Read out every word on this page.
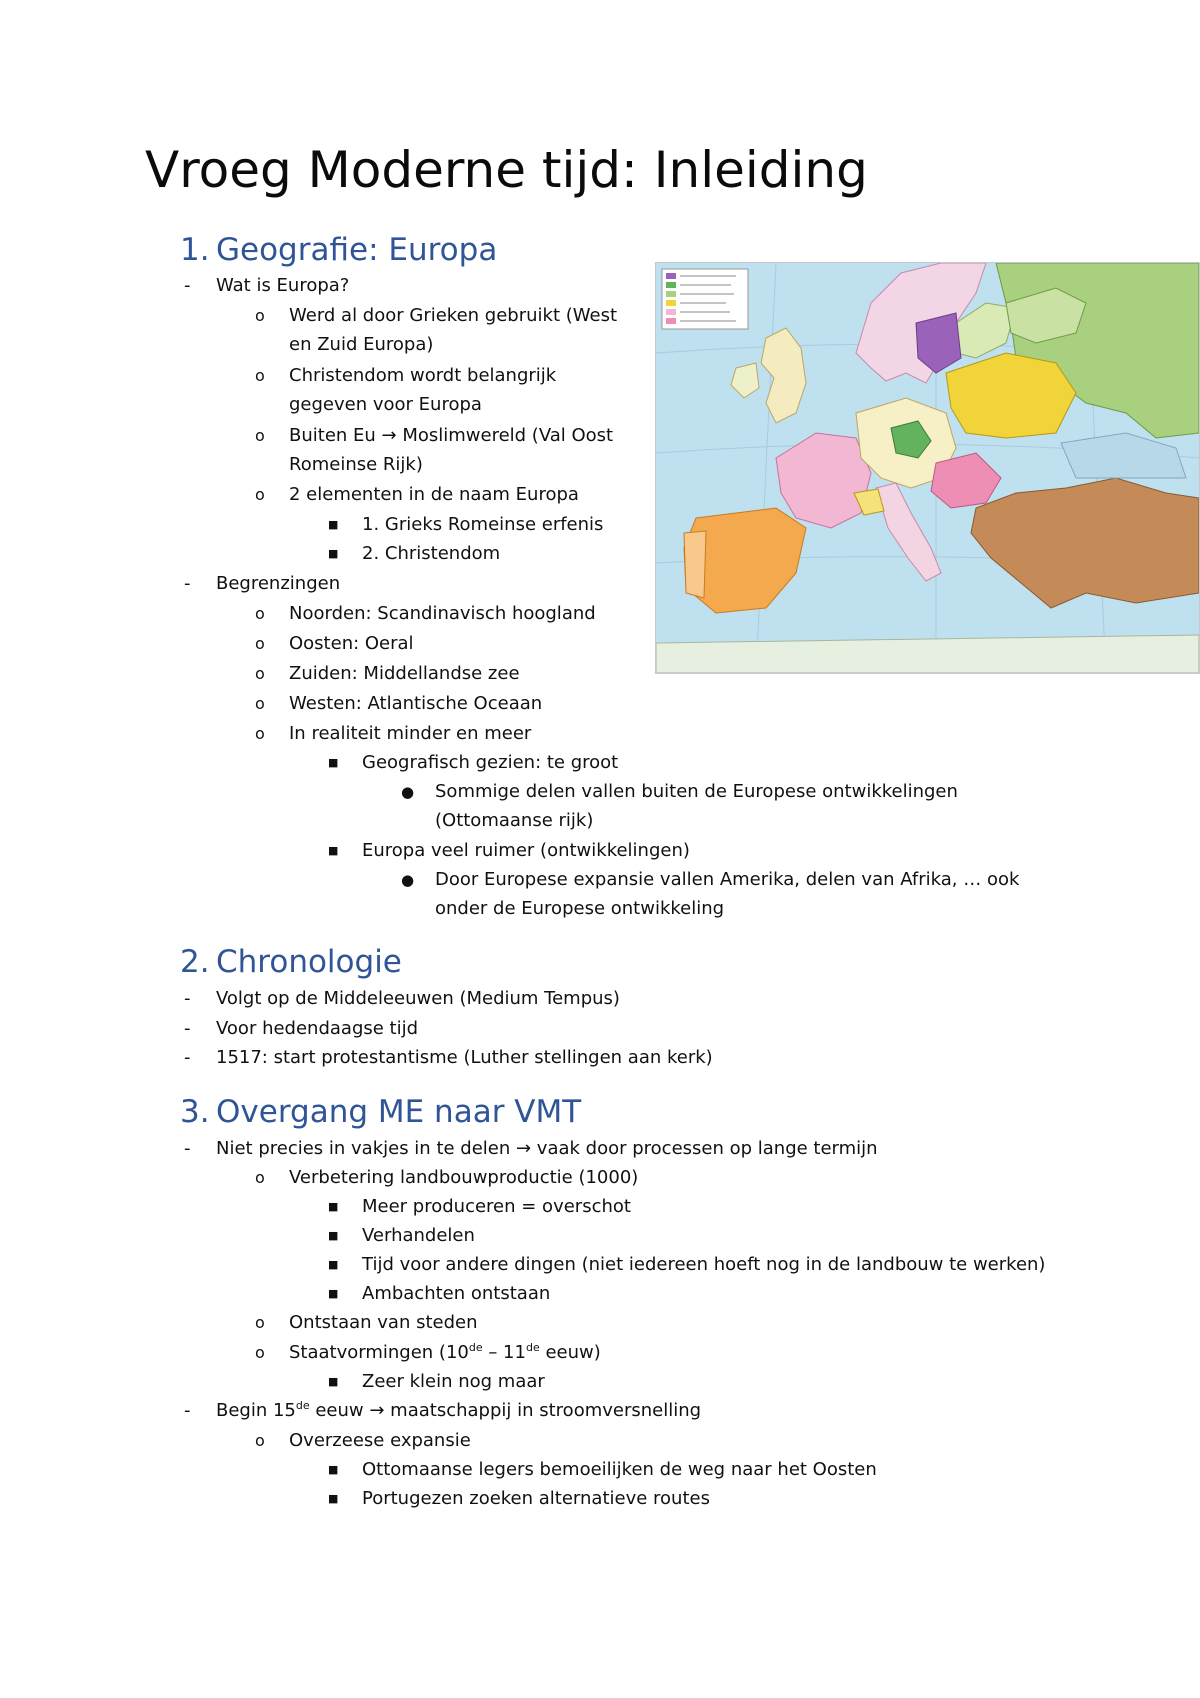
Vroeg Moderne tijd: Inleiding
1. Geografie: Europa
- Wat is Europa?

o Werd al door Grieken gebruikt (West

en Zuid Europa)

o Christendom wordt belangrijk

gegeven voor Europa

o Buiten Eu → Moslimwereld (Val Oost

Romeinse Rijk)

o 2 elementen in de naam Europa

■ 1. Grieks Romeinse erfenis

■ 2. Christendom

- Begrenzingen

o Noorden: Scandinavisch hoogland

o Oosten: Oeral

o Zuiden: Middellandse zee

o Westen: Atlantische Oceaan

o In realiteit minder en meer

■ Geografisch gezien: te groot

● Sommige delen vallen buiten de Europese ontwikkelingen

(Ottomaanse rijk)

■ Europa veel ruimer (ontwikkelingen)

● Door Europese expansie vallen Amerika, delen van Afrika, … ook

onder de Europese ontwikkeling

2. Chronologie
- Volgt op de Middeleeuwen (Medium Tempus)

- Voor hedendaagse tijd

- 1517: start protestantisme (Luther stellingen aan kerk)

3. Overgang ME naar VMT
- Niet precies in vakjes in te delen → vaak door processen op lange termijn

o Verbetering landbouwproductie (1000)

■ Meer produceren = overschot

■ Verhandelen

■ Tijd voor andere dingen (niet iedereen hoeft nog in de landbouw te werken)

■ Ambachten ontstaan

o Ontstaan van steden

o Staatvormingen (10de – 11de eeuw)

■ Zeer klein nog maar

- Begin 15de eeuw → maatschappij in stroomversnelling

o Overzeese expansie

■ Ottomaanse legers bemoeilijken de weg naar het Oosten

■ Portugezen zoeken alternatieve routes
